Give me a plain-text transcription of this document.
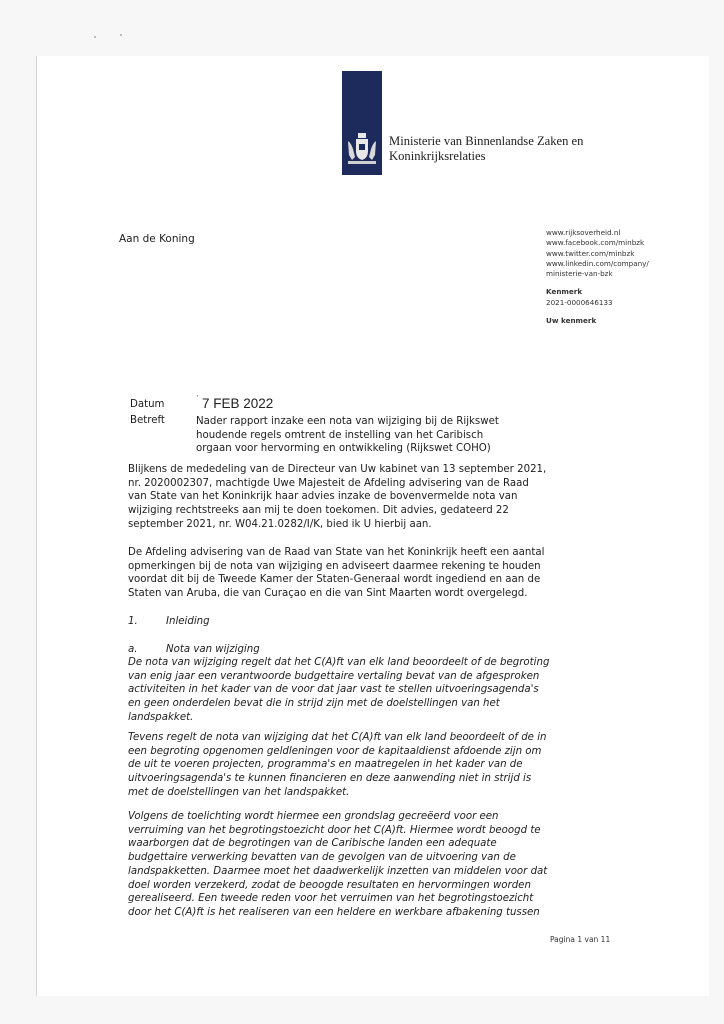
Ministerie van Binnenlandse Zaken en
Koninkrijksrelaties
Aan de Koning
www.rijksoverheid.nl
www.facebook.com/minbzk
www.twitter.com/minbzk
www.linkedin.com/company/
ministerie-van-bzk
Kenmerk
2021-0000646133
Uw kenmerk
Datum	$^ˋ$ 7 FEB 2022
Betreft	Nader rapport inzake een nota van wijziging bij de Rijkswet
houdende regels omtrent de instelling van het Caribisch
orgaan voor hervorming en ontwikkeling (Rijkswet COHO)
Blijkens de mededeling van de Directeur van Uw kabinet van 13 september 2021,
nr. 2020002307, machtigde Uwe Majesteit de Afdeling advisering van de Raad
van State van het Koninkrijk haar advies inzake de bovenvermelde nota van
wijziging rechtstreeks aan mij te doen toekomen. Dit advies, gedateerd 22
september 2021, nr. W04.21.0282/I/K, bied ik U hierbij aan.
De Afdeling advisering van de Raad van State van het Koninkrijk heeft een aantal
opmerkingen bij de nota van wijziging en adviseert daarmee rekening te houden
voordat dit bij de Tweede Kamer der Staten-Generaal wordt ingediend en aan de
Staten van Aruba, die van Curaçao en die van Sint Maarten wordt overgelegd.
1.	Inleiding
a.	Nota van wijziging
De nota van wijziging regelt dat het C(A)ft van elk land beoordeelt of de begroting
van enig jaar een verantwoorde budgettaire vertaling bevat van de afgesproken
activiteiten in het kader van de voor dat jaar vast te stellen uitvoeringsagenda's
en geen onderdelen bevat die in strijd zijn met de doelstellingen van het
landspakket.
Tevens regelt de nota van wijziging dat het C(A)ft van elk land beoordeelt of de in
een begroting opgenomen geldleningen voor de kapitaaldienst afdoende zijn om
de uit te voeren projecten, programma's en maatregelen in het kader van de
uitvoeringsagenda's te kunnen financieren en deze aanwending niet in strijd is
met de doelstellingen van het landspakket.
Volgens de toelichting wordt hiermee een grondslag gecreëerd voor een
verruiming van het begrotingstoezicht door het C(A)ft. Hiermee wordt beoogd te
waarborgen dat de begrotingen van de Caribische landen een adequate
budgettaire verwerking bevatten van de gevolgen van de uitvoering van de
landspakketten. Daarmee moet het daadwerkelijk inzetten van middelen voor dat
doel worden verzekerd, zodat de beoogde resultaten en hervormingen worden
gerealiseerd. Een tweede reden voor het verruimen van het begrotingstoezicht
door het C(A)ft is het realiseren van een heldere en werkbare afbakening tussen
Pagina 1 van 11
